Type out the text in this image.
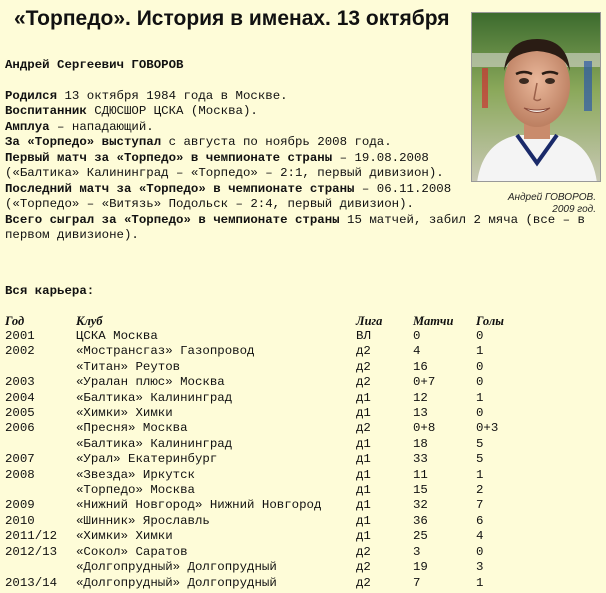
«Торпедо». История в именах. 13 октября
Андрей ГОВОРОВ.
2009 год.

Андрей Сергеевич ГОВОРОВ

Родился 13 октября 1984 года в Москве.

Воспитанник СДЮСШОР ЦСКА (Москва).

Амплуа – нападающий.

За «Торпедо» выступал с августа по ноябрь 2008 года.

Первый матч за «Торпедо» в чемпионате страны – 19.08.2008 («Балтика» Калининград – «Торпедо» – 2:1, первый дивизион).

Последний матч за «Торпедо» в чемпионате страны – 06.11.2008 («Торпедо» – «Витязь» Подольск – 2:4, первый дивизион).

Всего сыграл за «Торпедо» в чемпионате страны 15 матчей, забил 2 мяча (все – в первом дивизионе).

Вся карьера:
Год	Клуб	Лига	Матчи	Голы
2001	ЦСКА Москва	ВЛ	0	0
2002	«Мострансгаз» Газопровод	д2	4	1
	«Титан» Реутов	д2	16	0
2003	«Уралан плюс» Москва	д2	0+7	0
2004	«Балтика» Калининград	д1	12	1
2005	«Химки» Химки	д1	13	0
2006	«Пресня» Москва	д2	0+8	0+3
	«Балтика» Калининград	д1	18	5
2007	«Урал» Екатеринбург	д1	33	5
2008	«Звезда» Иркутск	д1	11	1
	«Торпедо» Москва	д1	15	2
2009	«Нижний Новгород» Нижний Новгород	д1	32	7
2010	«Шинник» Ярославль	д1	36	6
2011/12	«Химки» Химки	д1	25	4
2012/13	«Сокол» Саратов	д2	3	0
	«Долгопрудный» Долгопрудный	д2	19	3
2013/14	«Долгопрудный» Долгопрудный	д2	7	1
